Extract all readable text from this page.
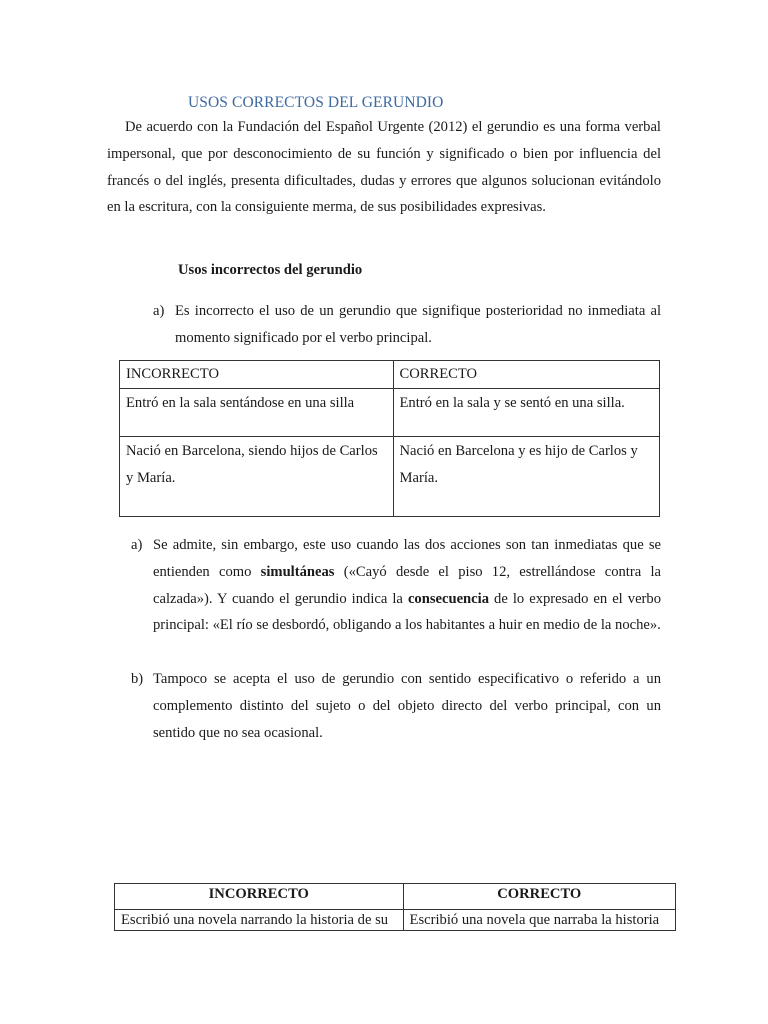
USOS CORRECTOS DEL GERUNDIO
De acuerdo con la Fundación del Español Urgente (2012) el gerundio es una forma verbal impersonal, que por desconocimiento de su función y significado o bien por influencia del francés o del inglés, presenta dificultades, dudas y errores que algunos solucionan evitándolo en la escritura, con la consiguiente merma, de sus posibilidades expresivas.
Usos incorrectos del gerundio
a) Es incorrecto el uso de un gerundio que signifique posterioridad no inmediata al momento significado por el verbo principal.
INCORRECTO	CORRECTO
Entró en la sala sentándose en una silla	Entró en la sala y se sentó en una silla.
Nació en Barcelona, siendo hijos de Carlos y María.	Nació en Barcelona y es hijo de Carlos y María.
a) Se admite, sin embargo, este uso cuando las dos acciones son tan inmediatas que se entienden como simultáneas («Cayó desde el piso 12, estrellándose contra la calzada»). Y cuando el gerundio indica la consecuencia de lo expresado en el verbo principal: «El río se desbordó, obligando a los habitantes a huir en medio de la noche».
b) Tampoco se acepta el uso de gerundio con sentido especificativo o referido a un complemento distinto del sujeto o del objeto directo del verbo principal, con un sentido que no sea ocasional.
INCORRECTO	CORRECTO
Escribió una novela narrando la historia de su	Escribió una novela que narraba la historia
